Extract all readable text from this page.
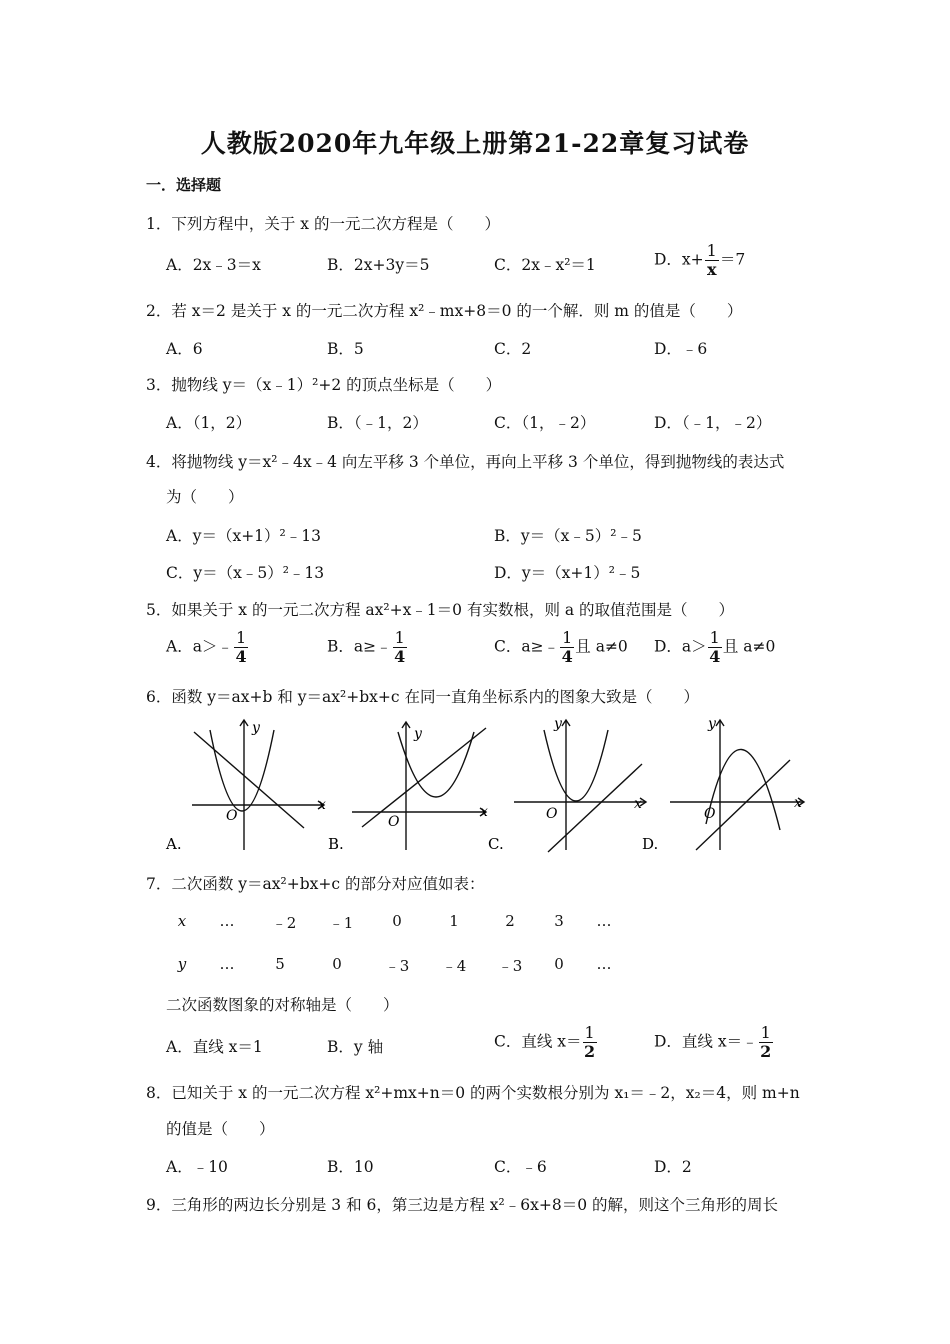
人教版2020年九年级上册第21-22章复习试卷
一．选择题
1．下列方程中，关于 x 的一元二次方程是（　　）
A．2x﹣3＝x	B．2x+3y＝5	C．2x﹣x²＝1	D．$x+ \frac{1}{x} =7$
2．若 x＝2 是关于 x 的一元二次方程 x²﹣mx+8＝0 的一个解．则 m 的值是（　　）
A．6	B．5	C．2	D．﹣6
3．抛物线 y＝（x﹣1）²+2 的顶点坐标是（　　）
A．（1，2）	B．（﹣1，2）	C．（1，﹣2）	D．（﹣1，﹣2）
4．将抛物线 y＝x²﹣4x﹣4 向左平移 3 个单位，再向上平移 3 个单位，得到抛物线的表达式
为（　　）
A．y＝（x+1）²﹣13	B．y＝（x﹣5）²﹣5
C．y＝（x﹣5）²﹣13	D．y＝（x+1）²﹣5
5．如果关于 x 的一元二次方程 ax²+x﹣1＝0 有实数根，则 a 的取值范围是（　　）
A．a＞﹣ $\frac{1}{4}$	B．a≥﹣ $\frac{1}{4}$	C．a≥﹣ $\frac{1}{4}$ 且 a≠0 D．$a> \frac{1}{4}$ 且 a≠0
6．函数 y＝ax+b 和 y＝ax²+bx+c 在同一直角坐标系内的图象大致是（　　）
y
x
O
A.
y
x
O
B.
y
x
O
C.
y
x
O
D.
7．二次函数 y＝ax²+bx+c 的部分对应值如表：
x	…	﹣2	﹣1	0	1	2	3	…
y	…	5	0	﹣3	﹣4	﹣3	0	…
二次函数图象的对称轴是（　　）
A．直线 x＝1	B．y 轴	C．直线 $x= \frac{1}{2}$	D．直线 x＝﹣ $\frac{1}{2}$
8．已知关于 x 的一元二次方程 x²+mx+n＝0 的两个实数根分别为 x₁＝﹣2，x₂＝4，则 m+n
的值是（　　）
A．﹣10	B．10	C．﹣6	D．2
9．三角形的两边长分别是 3 和 6，第三边是方程 x²﹣6x+8＝0 的解，则这个三角形的周长
